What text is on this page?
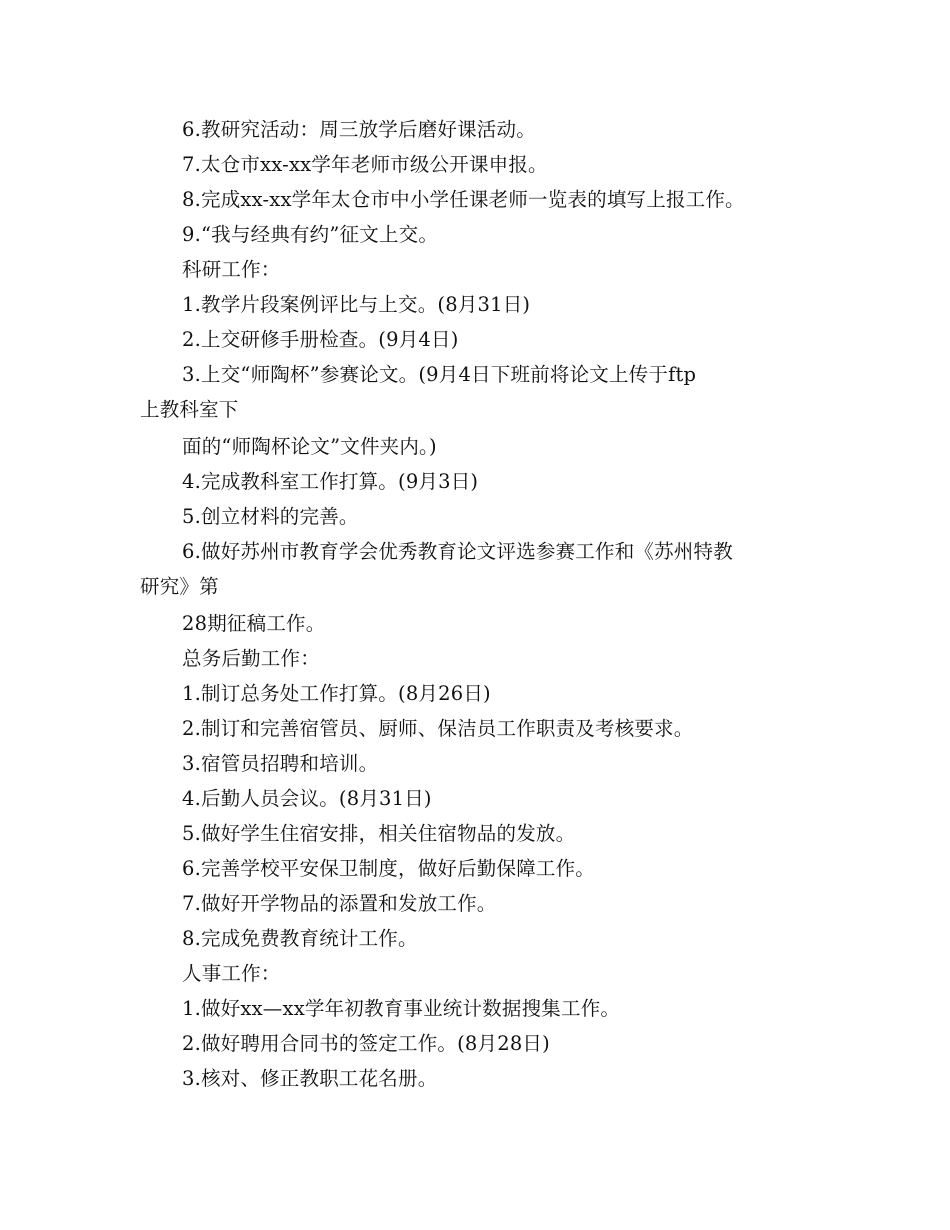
6.教研究活动：周三放学后磨好课活动。
7.太仓市xx-xx学年老师市级公开课申报。
8.完成xx-xx学年太仓市中小学任课老师一览表的填写上报工作。
9.“我与经典有约”征文上交。
科研工作：
1.教学片段案例评比与上交。(8月31日)
2.上交研修手册检查。(9月4日)
3.上交“师陶杯”参赛论文。(9月4日下班前将论文上传于ftp
上教科室下
面的“师陶杯论文”文件夹内。)
4.完成教科室工作打算。(9月3日)
5.创立材料的完善。
6.做好苏州市教育学会优秀教育论文评选参赛工作和《苏州特教
研究》第
28期征稿工作。
总务后勤工作：
1.制订总务处工作打算。(8月26日)
2.制订和完善宿管员、厨师、保洁员工作职责及考核要求。
3.宿管员招聘和培训。
4.后勤人员会议。(8月31日)
5.做好学生住宿安排，相关住宿物品的发放。
6.完善学校平安保卫制度，做好后勤保障工作。
7.做好开学物品的添置和发放工作。
8.完成免费教育统计工作。
人事工作：
1.做好xx—xx学年初教育事业统计数据搜集工作。
2.做好聘用合同书的签定工作。(8月28日)
3.核对、修正教职工花名册。
